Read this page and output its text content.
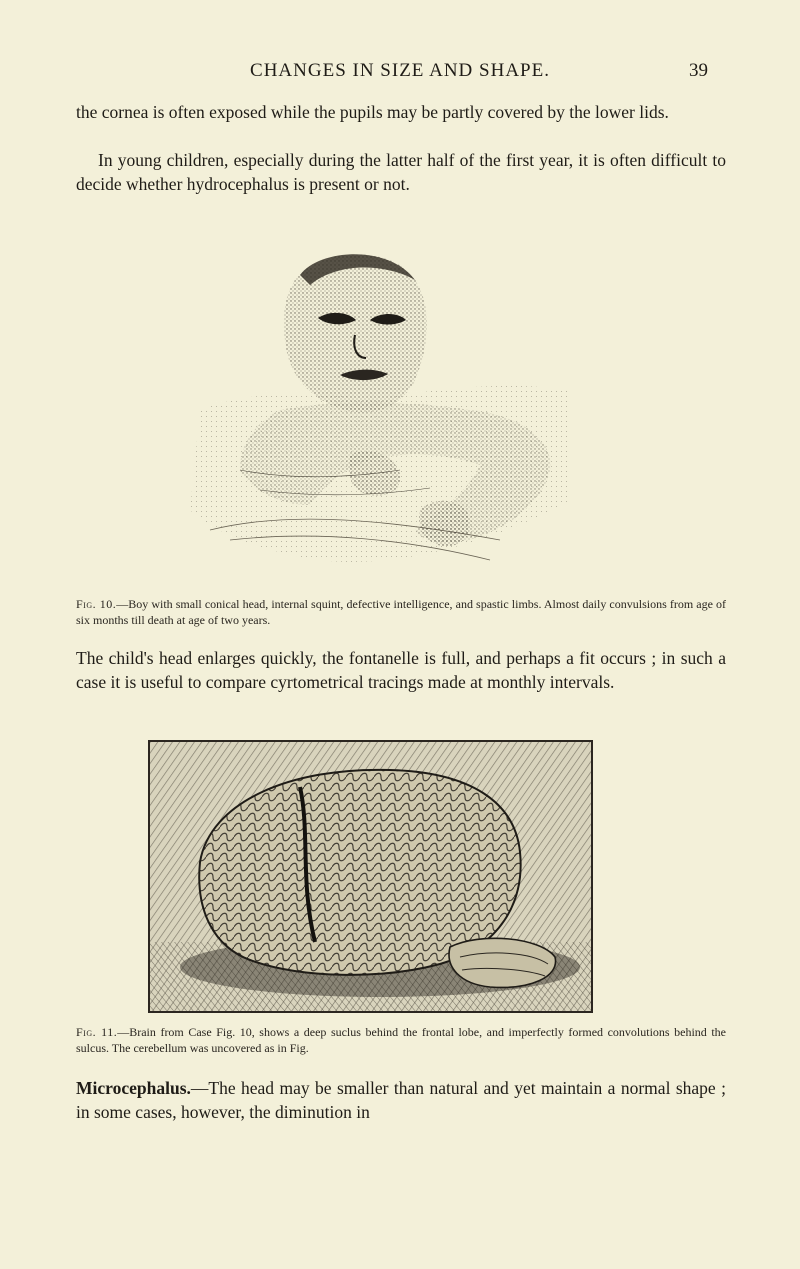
CHANGES IN SIZE AND SHAPE.	39

the cornea is often exposed while the pupils may be partly covered by the lower lids.

In young children, especially during the latter half of the first year, it is often difficult to decide whether hydrocephalus is present or not.

Fig. 10.—Boy with small conical head, internal squint, defective intelligence, and spastic limbs. Almost daily convulsions from age of six months till death at age of two years.

The child's head enlarges quickly, the fontanelle is full, and perhaps a fit occurs ; in such a case it is useful to compare cyrtometrical tracings made at monthly intervals.

Fig. 11.—Brain from Case Fig. 10, shows a deep suclus behind the frontal lobe, and imperfectly formed convolutions behind the sulcus. The cerebellum was uncovered as in Fig.

Microcephalus.—The head may be smaller than natural and yet maintain a normal shape ; in some cases, however, the diminution in
